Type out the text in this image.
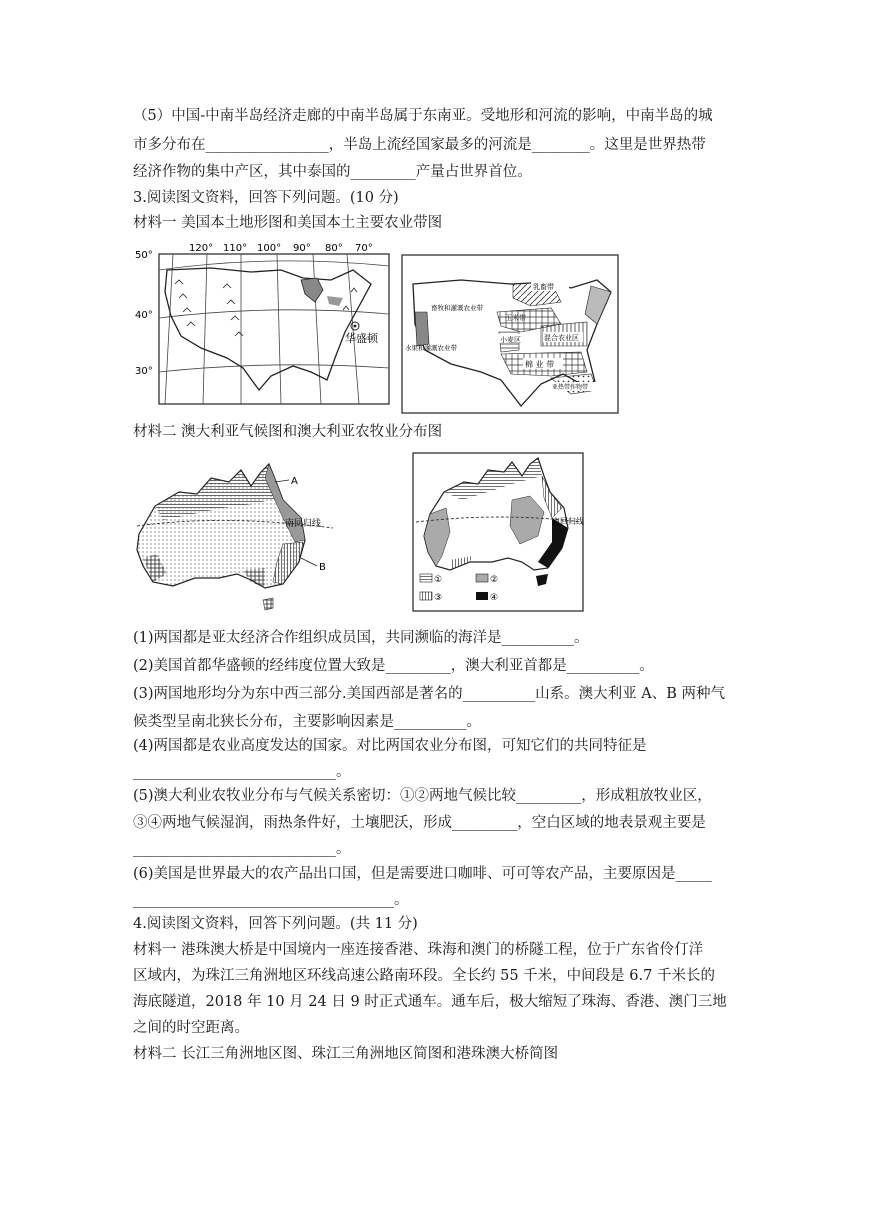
（5）中国-中南半岛经济走廊的中南半岛属于东南亚。受地形和河流的影响，中南半岛的城
市多分布在_________________，半岛上流经国家最多的河流是________。这里是世界热带
经济作物的集中产区，其中泰国的_________产量占世界首位。
3.阅读图文资料，回答下列问题。(10 分)
材料一 美国本土地形图和美国本土主要农业带图
50°
40°
30°
120° 110° 100° 90° 80° 70°
华盛顿
乳畜带
畜牧和灌溉农业带
玉米带
小麦区	混合农业区
水果和灌溉农业带
棉 业 带
亚热带作物带
材料二 澳大利亚气候图和澳大利亚农牧业分布图
A
南回归线
B
南回归线
①	②
③	④
(1)两国都是亚太经济合作组织成员国，共同濒临的海洋是__________。
(2)美国首都华盛顿的经纬度位置大致是_________，澳大利亚首都是__________。
(3)两国地形均分为东中西三部分.美国西部是著名的__________山系。澳大利亚 A、B 两种气
候类型呈南北狭长分布，主要影响因素是__________。
(4)两国都是农业高度发达的国家。对比两国农业分布图，可知它们的共同特征是
____________________________。
(5)澳大利业农牧业分布与气候关系密切：①②两地气候比较_________，形成粗放牧业区，
③④两地气候湿润，雨热条件好，土壤肥沃，形成_________，空白区域的地表景观主要是
____________________________。
(6)美国是世界最大的农产品出口国，但是需要进口咖啡、可可等农产品，主要原因是_____
____________________________________。
4.阅读图文资料，回答下列问题。(共 11 分)
材料一 港珠澳大桥是中国境内一座连接香港、珠海和澳门的桥隧工程，位于广东省伶仃洋
区域内，为珠江三角洲地区环线高速公路南环段。全长约 55 千米，中间段是 6.7 千米长的
海底隧道，2018 年 10 月 24 日 9 时正式通车。通车后，极大缩短了珠海、香港、澳门三地
之间的时空距离。
材料二 长江三角洲地区图、珠江三角洲地区简图和港珠澳大桥简图
